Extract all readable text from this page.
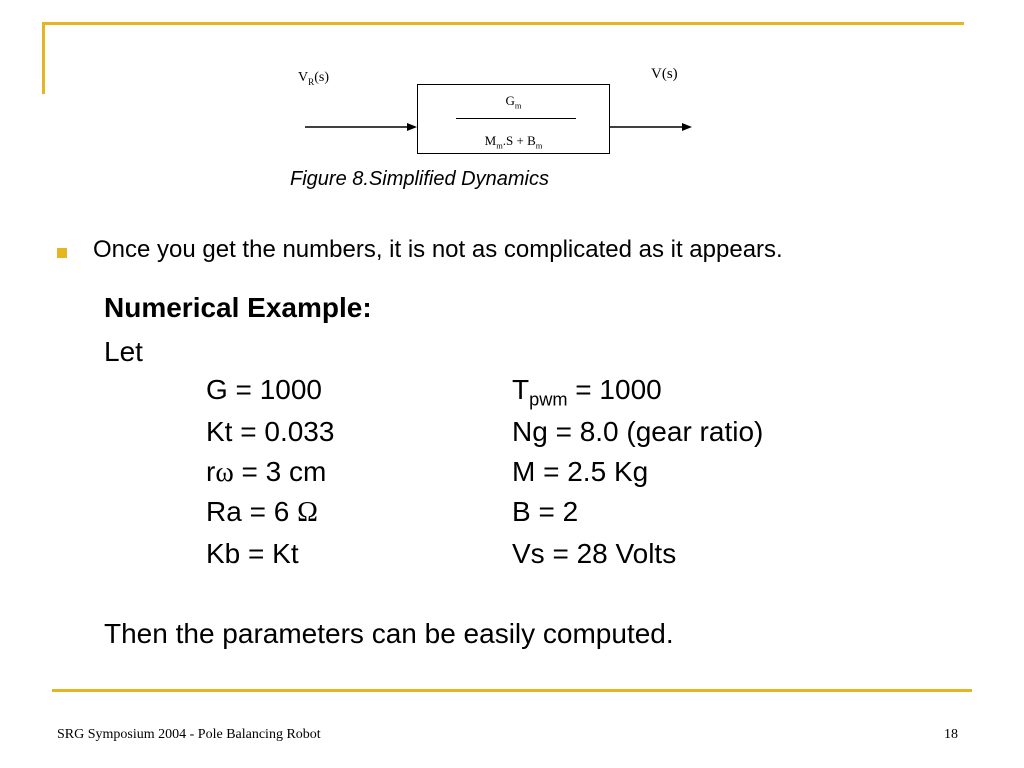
$V_R(s)$	V(s)
$G_m$
$M_m.S + B_m$
Figure 8.Simplified Dynamics
Once you get the numbers, it is not as complicated as it appears.
Numerical Example:
Let
G = 1000
Kt = 0.033
rω = 3 cm
Ra = 6 Ω
Kb = Kt
$T_{pwm} = 1000$
Ng = 8.0 (gear ratio)
M = 2.5 Kg
B = 2
Vs = 28 Volts
Then the parameters can be easily computed.
SRG Symposium 2004 - Pole Balancing Robot	18
